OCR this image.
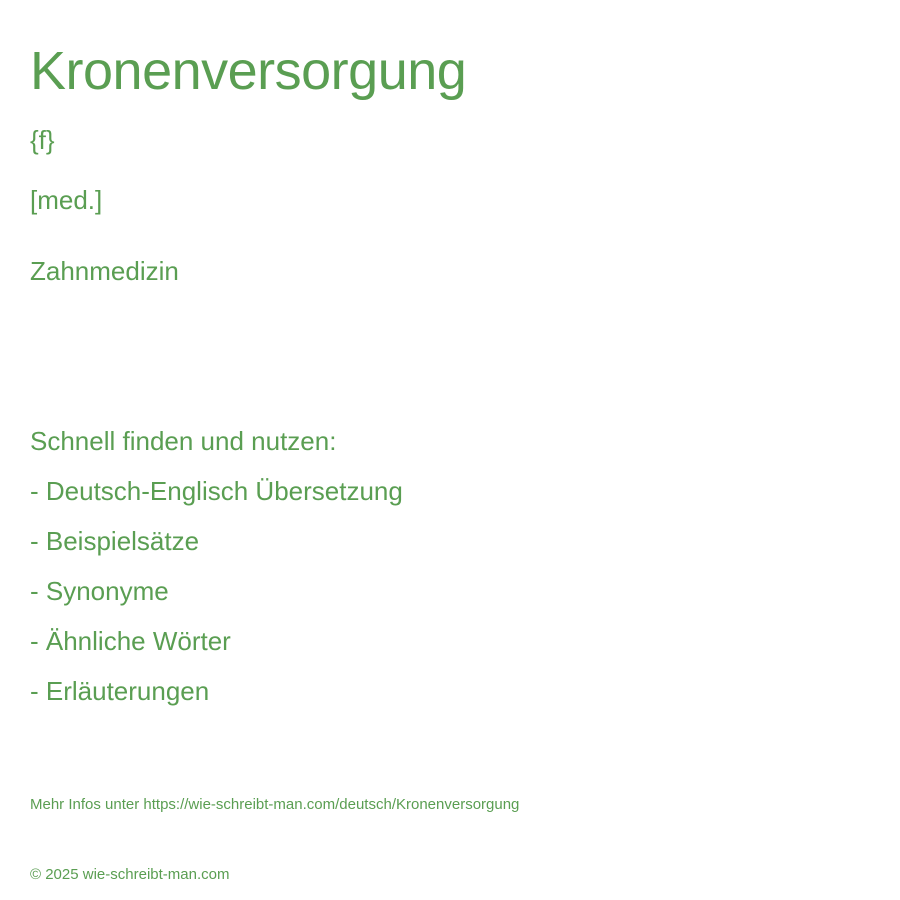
Kronenversorgung
{f}
[med.]
Zahnmedizin
Schnell finden und nutzen:
- Deutsch-Englisch Übersetzung
- Beispielsätze
- Synonyme
- Ähnliche Wörter
- Erläuterungen
Mehr Infos unter https://wie-schreibt-man.com/deutsch/Kronenversorgung
© 2025 wie-schreibt-man.com
